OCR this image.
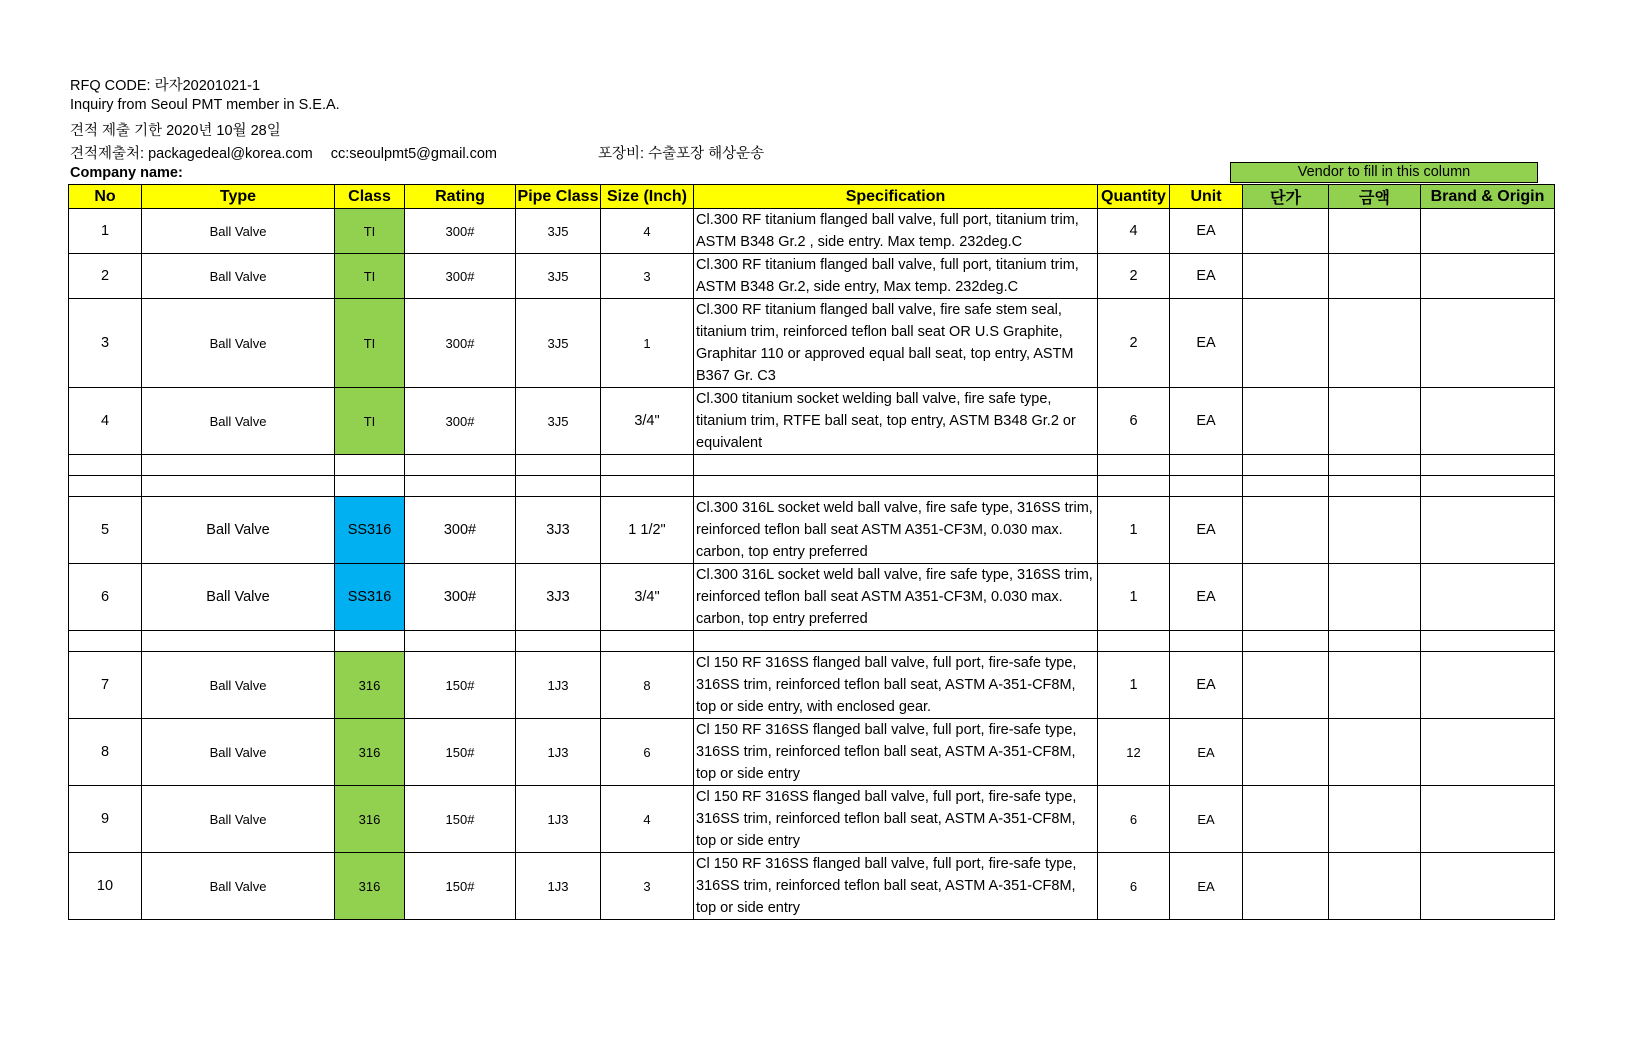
RFQ CODE: 라자20201021-1
Inquiry from Seoul PMT member in S.E.A.
견적 제출 기한 2020년 10월 28일
견적제출처: packagedeal@korea.com cc:seoulpmt5@gmail.com	포장비: 수출포장 해상운송
Company name:	Vendor to fill in this column
No	Type	Class	Rating	Pipe Class	Size (Inch)	Specification	Quantity	Unit	단가	금액	Brand & Origin
1	Ball Valve	TI	300#	3J5	4	Cl.300 RF titanium flanged ball valve, full port, titanium trim, ASTM B348 Gr.2 , side entry. Max temp. 232deg.C	4	EA			
2	Ball Valve	TI	300#	3J5	3	Cl.300 RF titanium flanged ball valve, full port, titanium trim, ASTM B348 Gr.2, side entry, Max temp. 232deg.C	2	EA			
3	Ball Valve	TI	300#	3J5	1	Cl.300 RF titanium flanged ball valve, fire safe stem seal, titanium trim, reinforced teflon ball seat OR U.S Graphite, Graphitar 110 or approved equal ball seat, top entry, ASTM B367 Gr. C3	2	EA			
4	Ball Valve	TI	300#	3J5	3/4"	Cl.300 titanium socket welding ball valve, fire safe type, titanium trim, RTFE ball seat, top entry, ASTM B348 Gr.2 or equivalent	6	EA			

5	Ball Valve	SS316	300#	3J3	1 1/2"	Cl.300 316L socket weld ball valve, fire safe type, 316SS trim, reinforced teflon ball seat ASTM A351-CF3M, 0.030 max. carbon, top entry preferred	1	EA			
6	Ball Valve	SS316	300#	3J3	3/4"	Cl.300 316L socket weld ball valve, fire safe type, 316SS trim, reinforced teflon ball seat ASTM A351-CF3M, 0.030 max. carbon, top entry preferred	1	EA			

7	Ball Valve	316	150#	1J3	8	Cl 150 RF 316SS flanged ball valve, full port, fire-safe type, 316SS trim, reinforced teflon ball seat, ASTM A-351-CF8M, top or side entry, with enclosed gear.	1	EA			
8	Ball Valve	316	150#	1J3	6	Cl 150 RF 316SS flanged ball valve, full port, fire-safe type, 316SS trim, reinforced teflon ball seat, ASTM A-351-CF8M, top or side entry	12	EA			
9	Ball Valve	316	150#	1J3	4	Cl 150 RF 316SS flanged ball valve, full port, fire-safe type, 316SS trim, reinforced teflon ball seat, ASTM A-351-CF8M, top or side entry	6	EA			
10	Ball Valve	316	150#	1J3	3	Cl 150 RF 316SS flanged ball valve, full port, fire-safe type, 316SS trim, reinforced teflon ball seat, ASTM A-351-CF8M, top or side entry	6	EA			
